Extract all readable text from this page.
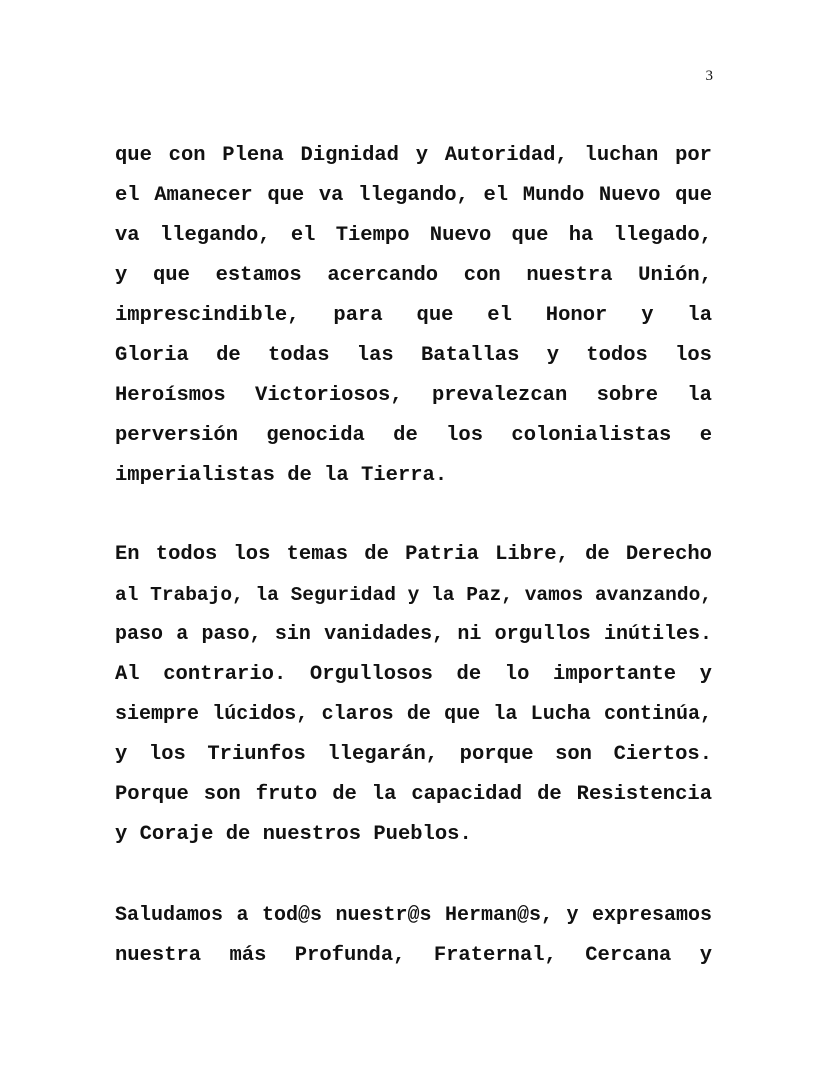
3
que con Plena Dignidad y Autoridad, luchan por
el Amanecer que va llegando, el Mundo Nuevo que
va llegando, el Tiempo Nuevo que ha llegado,
y que estamos acercando con nuestra Unión,
imprescindible, para que el Honor y la
Gloria de todas las Batallas y todos los
Heroísmos Victoriosos, prevalezcan sobre la
perversión genocida de los colonialistas e
imperialistas de la Tierra.
En todos los temas de Patria Libre, de Derecho
al Trabajo, la Seguridad y la Paz, vamos avanzando,
paso a paso, sin vanidades, ni orgullos inútiles.
Al contrario. Orgullosos de lo importante y
siempre lúcidos, claros de que la Lucha continúa,
y los Triunfos llegarán, porque son Ciertos.
Porque son fruto de la capacidad de Resistencia
y Coraje de nuestros Pueblos.
Saludamos a tod@s nuestr@s Herman@s, y expresamos
nuestra más Profunda, Fraternal, Cercana y
